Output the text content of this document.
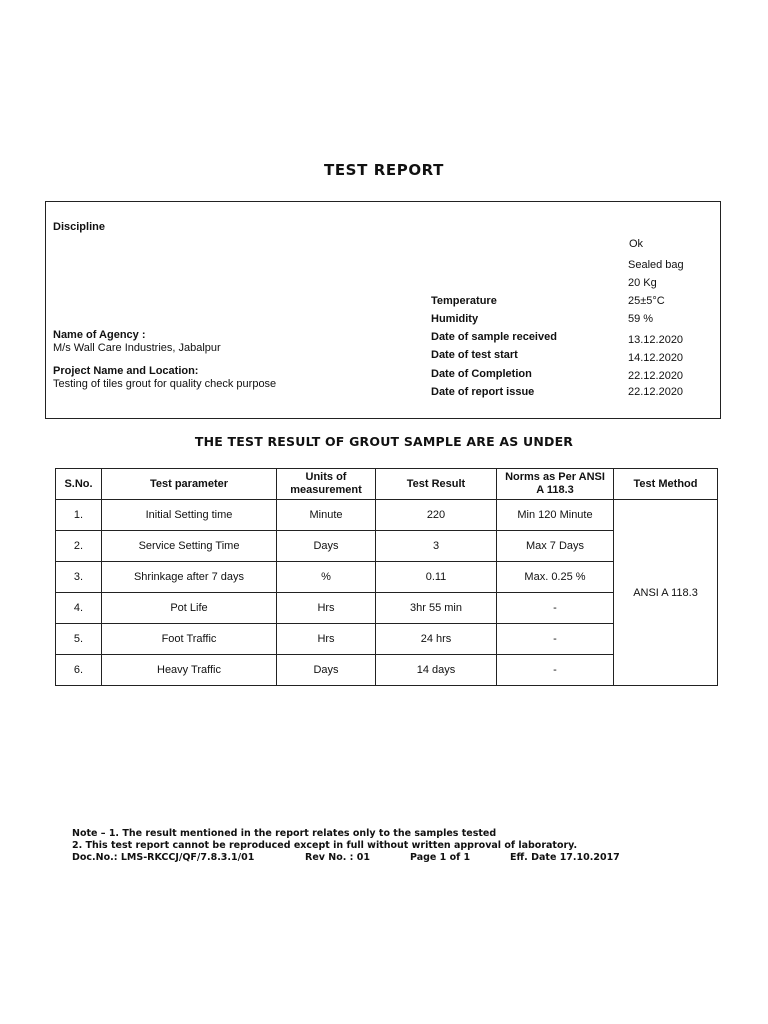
TEST REPORT
Discipline
Ok
Sealed bag
20 Kg
Temperature	25±5°C
Humidity	59 %
Name of Agency :
M/s Wall Care Industries, Jabalpur
Date of sample received	13.12.2020
Date of test start	14.12.2020
Project Name and Location:
Testing of tiles grout for quality check purpose
Date of Completion	22.12.2020
Date of report issue	22.12.2020
THE TEST RESULT OF GROUT SAMPLE ARE AS UNDER
S.No.	Test parameter	Units of measurement	Test Result	Norms as Per ANSI A 118.3	Test Method
1.	Initial Setting time	Minute	220	Min 120 Minute	ANSI A 118.3
2.	Service Setting Time	Days	3	Max 7 Days	
3.	Shrinkage after 7 days	%	0.11	Max. 0.25 %	
4.	Pot Life	Hrs	3hr 55 min	-	
5.	Foot Traffic	Hrs	24 hrs	-	
6.	Heavy Traffic	Days	14 days	-	
Note – 1. The result mentioned in the report relates only to the samples tested
2. This test report cannot be reproduced except in full without written approval of laboratory.
Doc.No.: LMS-RKCCJ/QF/7.8.3.1/01	Rev No. : 01	Page 1 of 1	Eff. Date 17.10.2017
